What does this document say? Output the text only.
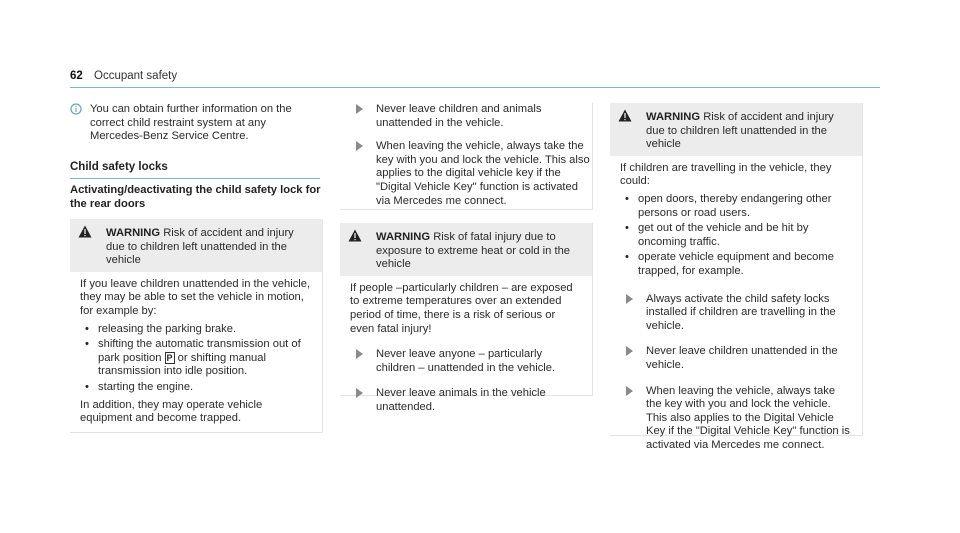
62 Occupant safety
You can obtain further information on the correct child restraint system at any Mercedes-Benz Service Centre.
Child safety locks
Activating/deactivating the child safety lock for the rear doors
WARNING Risk of accident and injury due to children left unattended in the vehicle

If you leave children unattended in the vehicle, they may be able to set the vehicle in motion, for example by:

• releasing the parking brake.
• shifting the automatic transmission out of park position P or shifting manual transmission into idle position.
• starting the engine.

In addition, they may operate vehicle equipment and become trapped.

Never leave children and animals unattended in the vehicle.
When leaving the vehicle, always take the key with you and lock the vehicle. This also applies to the digital vehicle key if the "Digital Vehicle Key" function is activated via Mercedes me connect.
WARNING Risk of fatal injury due to exposure to extreme heat or cold in the vehicle

If people –particularly children – are exposed to extreme temperatures over an extended period of time, there is a risk of serious or even fatal injury!

Never leave anyone – particularly children – unattended in the vehicle.
Never leave animals in the vehicle unattended.
WARNING Risk of accident and injury due to children left unattended in the vehicle

If children are travelling in the vehicle, they could:

• open doors, thereby endangering other persons or road users.
• get out of the vehicle and be hit by oncoming traffic.
• operate vehicle equipment and become trapped, for example.
Always activate the child safety locks installed if children are travelling in the vehicle.
Never leave children unattended in the vehicle.
When leaving the vehicle, always take the key with you and lock the vehicle. This also applies to the Digital Vehicle Key if the "Digital Vehicle Key" function is activated via Mercedes me connect.
